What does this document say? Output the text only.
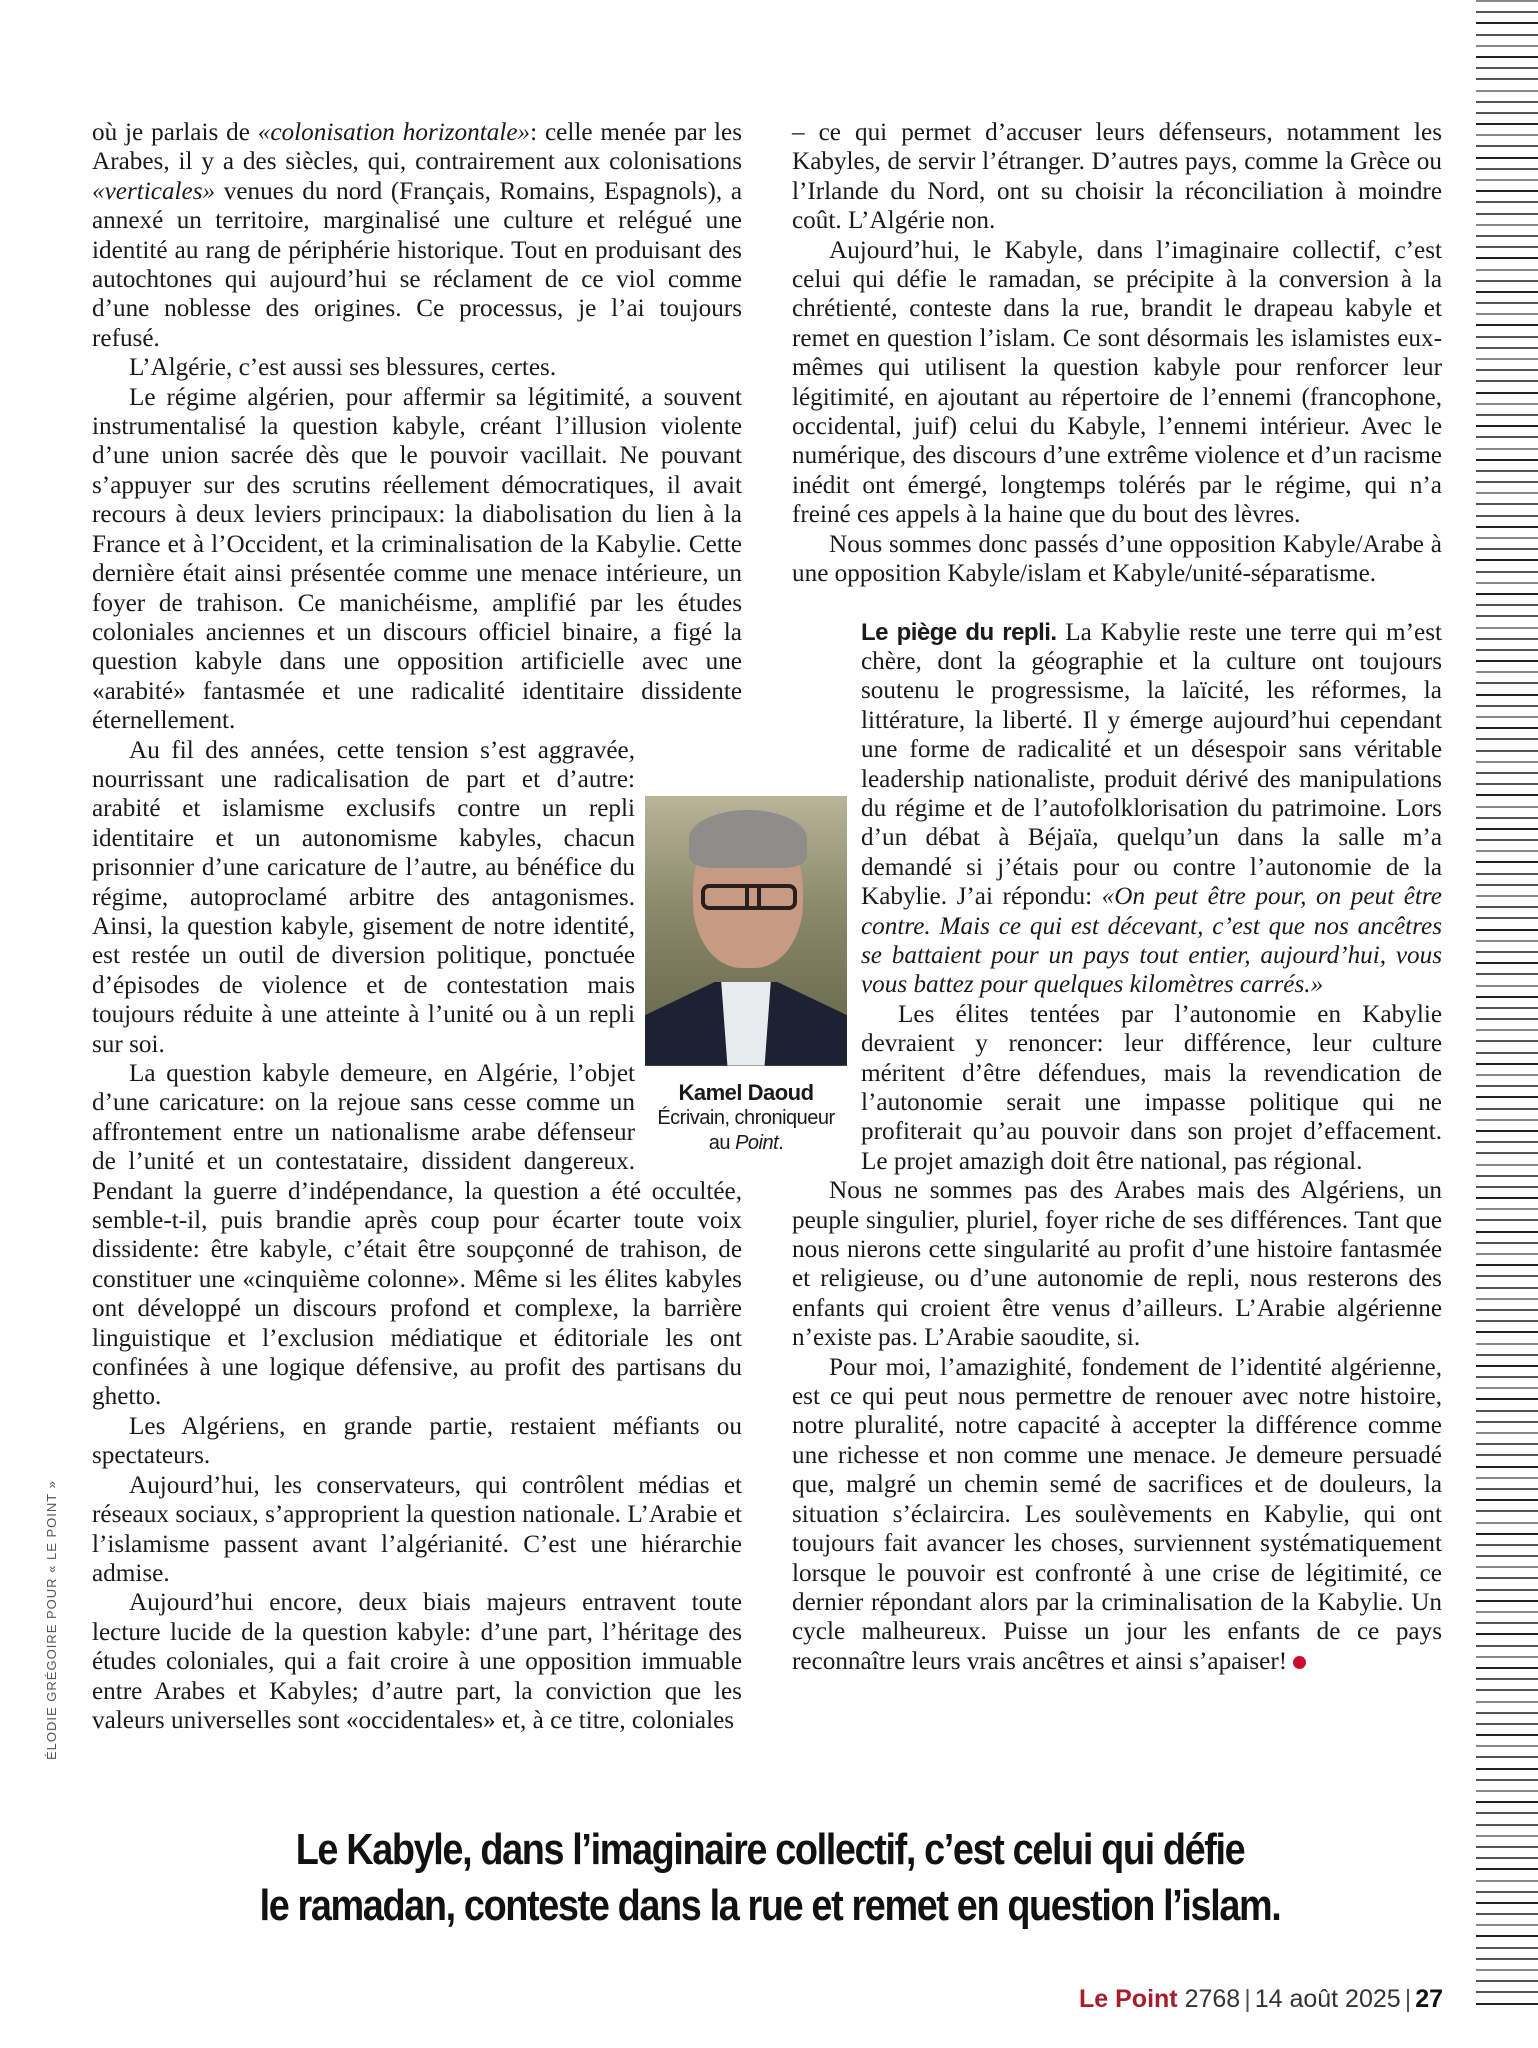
où je parlais de «colonisation horizontale»: celle menée par les Arabes, il y a des siècles, qui, contrairement aux colonisations «verticales» venues du nord (Français, Romains, Espagnols), a annexé un territoire, marginalisé une culture et relégué une identité au rang de périphérie historique. Tout en produisant des autochtones qui aujourd’hui se réclament de ce viol comme d’une noblesse des origines. Ce processus, je l’ai toujours refusé.

L’Algérie, c’est aussi ses blessures, certes.

Le régime algérien, pour affermir sa légitimité, a souvent instrumentalisé la question kabyle, créant l’illusion violente d’une union sacrée dès que le pouvoir vacillait. Ne pouvant s’appuyer sur des scrutins réellement démocratiques, il avait recours à deux leviers principaux: la diabolisation du lien à la France et à l’Occident, et la criminalisation de la Kabylie. Cette dernière était ainsi présentée comme une menace intérieure, un foyer de trahison. Ce manichéisme, amplifié par les études coloniales anciennes et un discours officiel binaire, a figé la question kabyle dans une opposition artificielle avec une «arabité» fantasmée et une radicalité identitaire dissidente éternellement.

Kamel Daoud
Écrivain, chroniqueur au Point.

Au fil des années, cette tension s’est aggravée, nourrissant une radicalisation de part et d’autre: arabité et islamisme exclusifs contre un repli identitaire et un autonomisme kabyles, chacun prisonnier d’une caricature de l’autre, au bénéfice du régime, autoproclamé arbitre des antagonismes. Ainsi, la question kabyle, gisement de notre identité, est restée un outil de diversion politique, ponctuée d’épisodes de violence et de contestation mais toujours réduite à une atteinte à l’unité ou à un repli sur soi.

La question kabyle demeure, en Algérie, l’objet d’une caricature: on la rejoue sans cesse comme un affrontement entre un nationalisme arabe défenseur de l’unité et un contestataire, dissident dangereux. Pendant la guerre d’indépendance, la question a été occultée, semble-t-il, puis brandie après coup pour écarter toute voix dissidente: être kabyle, c’était être soupçonné de trahison, de constituer une «cinquième colonne». Même si les élites kabyles ont développé un discours profond et complexe, la barrière linguistique et l’exclusion médiatique et éditoriale les ont confinées à une logique défensive, au profit des partisans du ghetto.

Les Algériens, en grande partie, restaient méfiants ou spectateurs.

Aujourd’hui, les conservateurs, qui contrôlent médias et réseaux sociaux, s’approprient la question nationale. L’Arabie et l’islamisme passent avant l’algérianité. C’est une hiérarchie admise.

Aujourd’hui encore, deux biais majeurs entravent toute lecture lucide de la question kabyle: d’une part, l’héritage des études coloniales, qui a fait croire à une opposition immuable entre Arabes et Kabyles; d’autre part, la conviction que les valeurs universelles sont «occidentales» et, à ce titre, coloniales

– ce qui permet d’accuser leurs défenseurs, notamment les Kabyles, de servir l’étranger. D’autres pays, comme la Grèce ou l’Irlande du Nord, ont su choisir la réconciliation à moindre coût. L’Algérie non.

Aujourd’hui, le Kabyle, dans l’imaginaire collectif, c’est celui qui défie le ramadan, se précipite à la conversion à la chrétienté, conteste dans la rue, brandit le drapeau kabyle et remet en question l’islam. Ce sont désormais les islamistes eux-mêmes qui utilisent la question kabyle pour renforcer leur légitimité, en ajoutant au répertoire de l’ennemi (francophone, occidental, juif) celui du Kabyle, l’ennemi intérieur. Avec le numérique, des discours d’une extrême violence et d’un racisme inédit ont émergé, longtemps tolérés par le régime, qui n’a freiné ces appels à la haine que du bout des lèvres.

Nous sommes donc passés d’une opposition Kabyle/Arabe à une opposition Kabyle/islam et Kabyle/unité-séparatisme.

Le piège du repli. La Kabylie reste une terre qui m’est chère, dont la géographie et la culture ont toujours soutenu le progressisme, la laïcité, les réformes, la littérature, la liberté. Il y émerge aujourd’hui cependant une forme de radicalité et un désespoir sans véritable leadership nationaliste, produit dérivé des manipulations du régime et de l’autofolklorisation du patrimoine. Lors d’un débat à Béjaïa, quelqu’un dans la salle m’a demandé si j’étais pour ou contre l’autonomie de la Kabylie. J’ai répondu: «On peut être pour, on peut être contre. Mais ce qui est décevant, c’est que nos ancêtres se battaient pour un pays tout entier, aujourd’hui, vous vous battez pour quelques kilomètres carrés.»

Les élites tentées par l’autonomie en Kabylie devraient y renoncer: leur différence, leur culture méritent d’être défendues, mais la revendication de l’autonomie serait une impasse politique qui ne profiterait qu’au pouvoir dans son projet d’effacement. Le projet amazigh doit être national, pas régional.

Nous ne sommes pas des Arabes mais des Algériens, un peuple singulier, pluriel, foyer riche de ses différences. Tant que nous nierons cette singularité au profit d’une histoire fantasmée et religieuse, ou d’une autonomie de repli, nous resterons des enfants qui croient être venus d’ailleurs. L’Arabie algérienne n’existe pas. L’Arabie saoudite, si.

Pour moi, l’amazighité, fondement de l’identité algérienne, est ce qui peut nous permettre de renouer avec notre histoire, notre pluralité, notre capacité à accepter la différence comme une richesse et non comme une menace. Je demeure persuadé que, malgré un chemin semé de sacrifices et de douleurs, la situation s’éclaircira. Les soulèvements en Kabylie, qui ont toujours fait avancer les choses, surviennent systématiquement lorsque le pouvoir est confronté à une crise de légitimité, ce dernier répondant alors par la criminalisation de la Kabylie. Un cycle malheureux. Puisse un jour les enfants de ce pays reconnaître leurs vrais ancêtres et ainsi s’apaiser!

ÉLODIE GRÉGOIRE POUR « LE POINT »
Le Kabyle, dans l’imaginaire collectif, c’est celui qui défie
le ramadan, conteste dans la rue et remet en question l’islam.
Le Point 2768 | 14 août 2025 | 27
